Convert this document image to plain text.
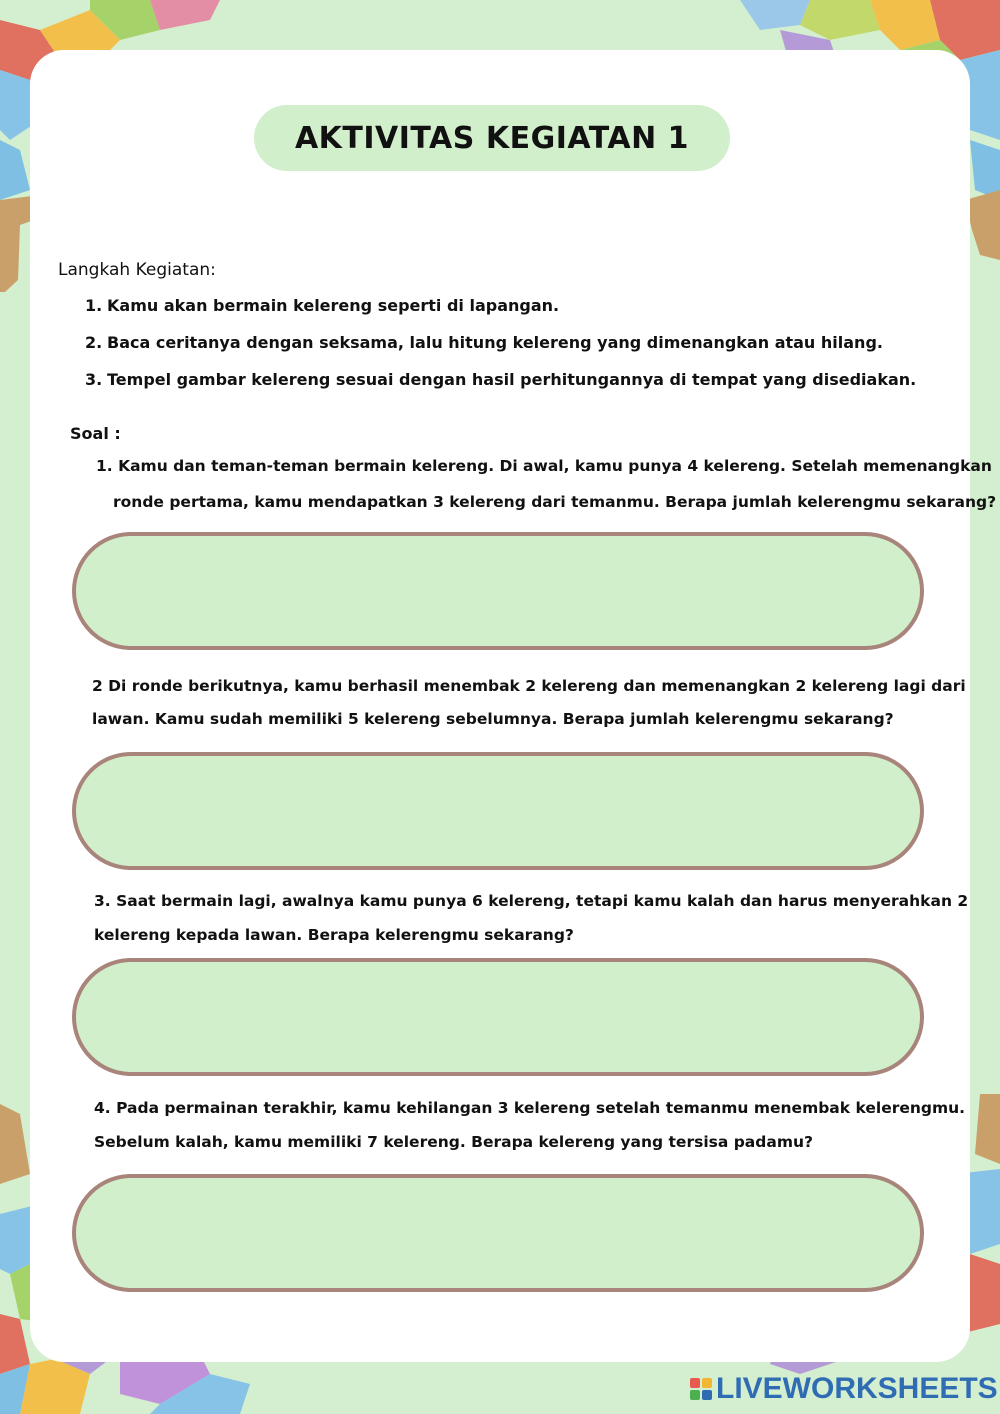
AKTIVITAS KEGIATAN 1
Langkah Kegiatan:
1. Kamu akan bermain kelereng seperti di lapangan.
2. Baca ceritanya dengan seksama, lalu hitung kelereng yang dimenangkan atau hilang.
3. Tempel gambar kelereng sesuai dengan hasil perhitungannya di tempat yang disediakan.
Soal :
1. Kamu dan teman-teman bermain kelereng. Di awal, kamu punya 4 kelereng. Setelah memenangkan
ronde pertama, kamu mendapatkan 3 kelereng dari temanmu. Berapa jumlah kelerengmu sekarang?
2 Di ronde berikutnya, kamu berhasil menembak 2 kelereng dan memenangkan 2 kelereng lagi dari
lawan. Kamu sudah memiliki 5 kelereng sebelumnya. Berapa jumlah kelerengmu sekarang?
3. Saat bermain lagi, awalnya kamu punya 6 kelereng, tetapi kamu kalah dan harus menyerahkan 2
kelereng kepada lawan. Berapa kelerengmu sekarang?
4. Pada permainan terakhir, kamu kehilangan 3 kelereng setelah temanmu menembak kelerengmu.
Sebelum kalah, kamu memiliki 7 kelereng. Berapa kelereng yang tersisa padamu?
LIVEWORKSHEETS
